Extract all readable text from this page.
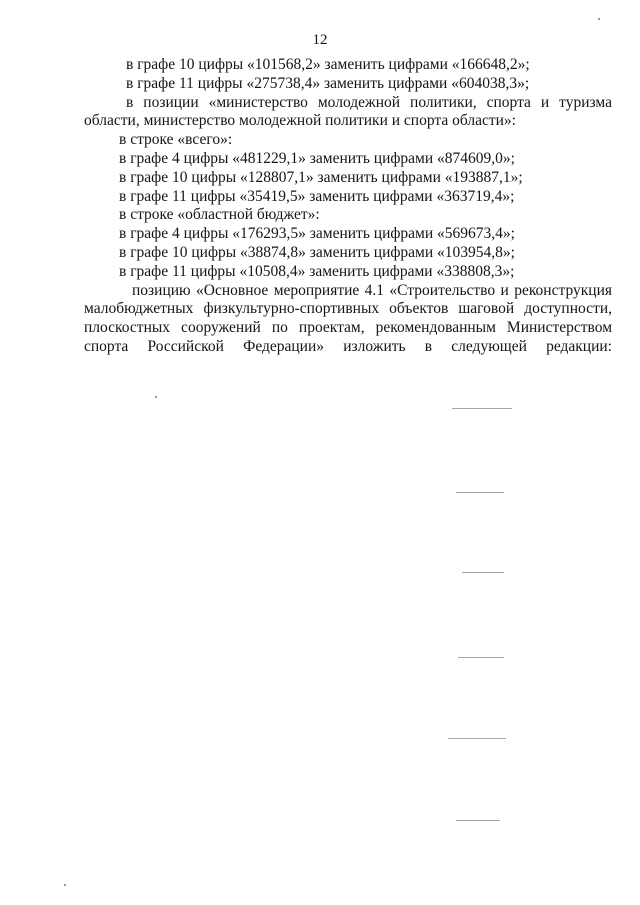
12
в графе 10 цифры «101568,2» заменить цифрами «166648,2»;
в графе 11 цифры «275738,4» заменить цифрами «604038,3»;
в позиции «министерство молодежной политики, спорта и туризма
области, министерство молодежной политики и спорта области»:
в строке «всего»:
в графе 4 цифры «481229,1» заменить цифрами «874609,0»;
в графе 10 цифры «128807,1» заменить цифрами «193887,1»;
в графе 11 цифры «35419,5» заменить цифрами «363719,4»;
в строке «областной бюджет»:
в графе 4 цифры «176293,5» заменить цифрами «569673,4»;
в графе 10 цифры «38874,8» заменить цифрами «103954,8»;
в графе 11 цифры «10508,4» заменить цифрами «338808,3»;
позицию «Основное мероприятие 4.1 «Строительство и реконструкция
малобюджетных физкультурно-спортивных объектов шаговой доступности,
плоскостных сооружений по проектам, рекомендованным Министерством
спорта Российской Федерации» изложить в следующей редакции:
